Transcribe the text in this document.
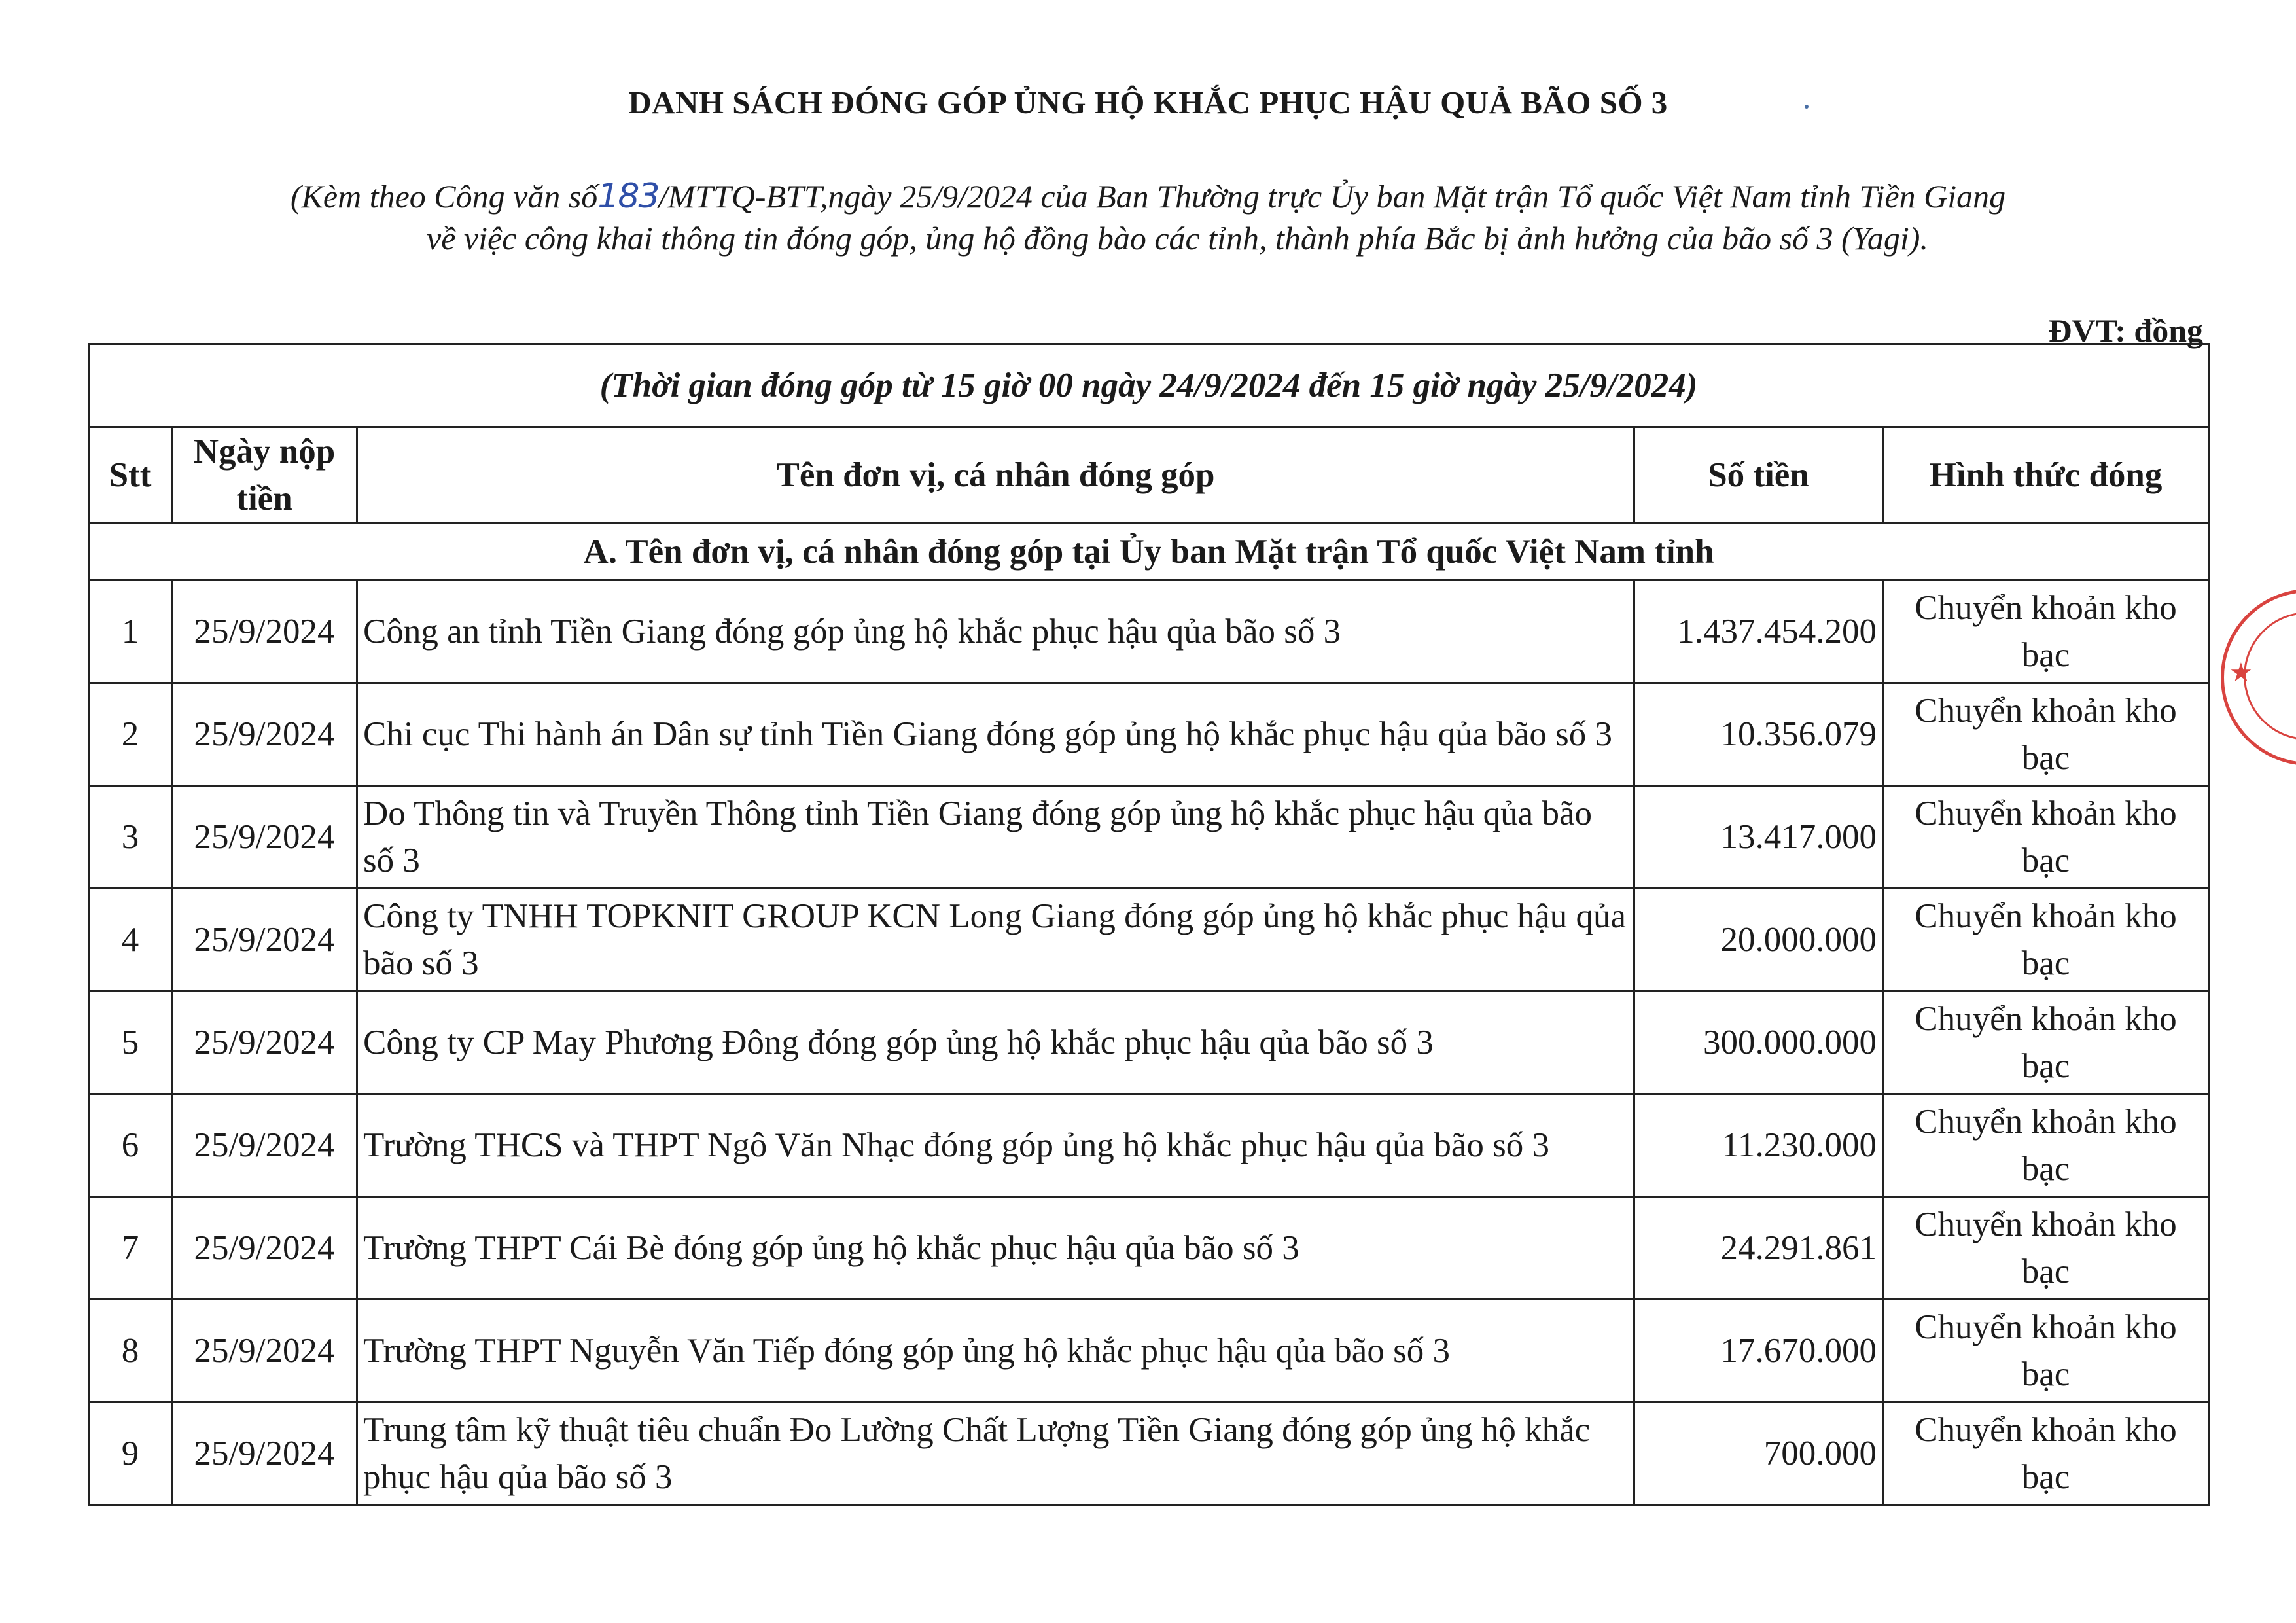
DANH SÁCH ĐÓNG GÓP ỦNG HỘ KHẮC PHỤC HẬU QUẢ BÃO SỐ 3
(Kèm theo Công văn số183/MTTQ-BTT,ngày 25/9/2024 của Ban Thường trực Ủy ban Mặt trận Tổ quốc Việt Nam tỉnh Tiền Giang
về việc công khai thông tin đóng góp, ủng hộ đồng bào các tỉnh, thành phía Bắc bị ảnh hưởng của bão số 3 (Yagi).
ĐVT: đồng
(Thời gian đóng góp từ 15 giờ 00 ngày 24/9/2024 đến 15 giờ ngày 25/9/2024)				
Stt	Ngày nộp tiền	Tên đơn vị, cá nhân đóng góp	Số tiền	Hình thức đóng
A. Tên đơn vị, cá nhân đóng góp tại Ủy ban Mặt trận Tổ quốc Việt Nam tỉnh				
1	25/9/2024	Công an tỉnh Tiền Giang đóng góp ủng hộ khắc phục hậu qủa bão số 3	1.437.454.200	Chuyển khoản kho bạc
2	25/9/2024	Chi cục Thi hành án Dân sự tỉnh Tiền Giang đóng góp ủng hộ khắc phục hậu qủa bão số 3	10.356.079	Chuyển khoản kho bạc
3	25/9/2024	Do Thông tin và Truyền Thông tỉnh Tiền Giang đóng góp ủng hộ khắc phục hậu qủa bão số 3	13.417.000	Chuyển khoản kho bạc
4	25/9/2024	Công ty TNHH TOPKNIT GROUP KCN Long Giang đóng góp ủng hộ khắc phục hậu qủa bão số 3	20.000.000	Chuyển khoản kho bạc
5	25/9/2024	Công ty CP May Phương Đông đóng góp ủng hộ khắc phục hậu qủa bão số 3	300.000.000	Chuyển khoản kho bạc
6	25/9/2024	Trường THCS và THPT Ngô Văn Nhạc đóng góp ủng hộ khắc phục hậu qủa bão số 3	11.230.000	Chuyển khoản kho bạc
7	25/9/2024	Trường THPT Cái Bè đóng góp ủng hộ khắc phục hậu qủa bão số 3	24.291.861	Chuyển khoản kho bạc
8	25/9/2024	Trường THPT Nguyễn Văn Tiếp đóng góp ủng hộ khắc phục hậu qủa bão số 3	17.670.000	Chuyển khoản kho bạc
9	25/9/2024	Trung tâm kỹ thuật tiêu chuẩn Đo Lường Chất Lượng Tiền Giang đóng góp ủng hộ khắc phục hậu qủa bão số 3	700.000	Chuyển khoản kho bạc
★
